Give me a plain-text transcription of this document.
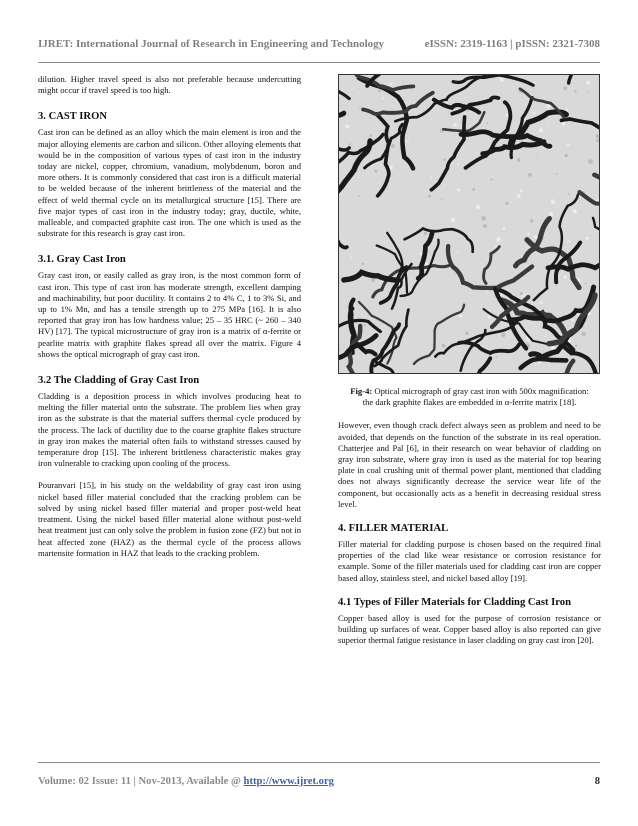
IJRET: International Journal of Research in Engineering and Technology	eISSN: 2319-1163 | pISSN: 2321-7308

dilution. Higher travel speed is also not preferable because undercutting might occur if travel speed is too high.

3. CAST IRON

Cast iron can be defined as an alloy which the main element is iron and the major alloying elements are carbon and silicon. Other alloying elements that would be in the composition of various types of cast iron in the industry today are nickel, copper, chromium, vanadium, molybdenum, boron and more others. It is commonly considered that cast iron is a difficult material to be welded because of the inherent brittleness of the material and the effect of weld thermal cycle on its metallurgical structure [15]. There are five major types of cast iron in the industry today; gray, ductile, white, malleable, and compacted graphite cast iron. The one which is used as the substrate for this research is gray cast iron.

3.1. Gray Cast Iron

Gray cast iron, or easily called as gray iron, is the most common form of cast iron. This type of cast iron has moderate strength, excellent damping and machinability, but poor ductility. It contains 2 to 4% C, 1 to 3% Si, and up to 1% Mn, and has a tensile strength up to 275 MPa [16]. It is also reported that gray iron has low hardness value; 25 – 35 HRC (~ 260 – 340 HV) [17]. The typical microstructure of gray iron is a matrix of α-ferrite or pearlite matrix with graphite flakes spread all over the matrix. Figure 4 shows the optical micrograph of gray cast iron.

3.2 The Cladding of Gray Cast Iron

Cladding is a deposition process in which involves producing heat to melting the filler material onto the substrate. The problem lies when gray iron as the substrate is that the material suffers thermal cycle produced by the process. The lack of ductility due to the coarse graphite flakes structure in gray iron makes the material often fails to withstand stresses caused by temperature drop [15]. The inherent brittleness characteristic makes gray iron vulnerable to cracking upon cooling of the process.

Pouranvari [15], in his study on the weldability of gray cast iron using nickel based filler material concluded that the cracking problem can be solved by using nickel based filler material and proper post-weld heat treatment. Using the nickel based filler material alone without post-weld heat treatment just can only solve the problem in fusion zone (FZ) but not in heat affected zone (HAZ) as the thermal cycle of the process allows martensite formation in HAZ that leads to the cracking problem.

Fig-4: Optical micrograph of gray cast iron with 500x magnification: the dark graphite flakes are embedded in α-ferrite matrix [18].

However, even though crack defect always seen as problem and need to be avoided, that depends on the function of the substrate in its real operation. Chatterjee and Pal [6], in their research on wear behavior of cladding on gray iron substrate, where gray iron is used as the material for top bearing plate in coal crushing unit of thermal power plant, mentioned that cladding does not always significantly decrease the service wear life of the component, but occasionally acts as a benefit in decreasing residual stress level.

4. FILLER MATERIAL

Filler material for cladding purpose is chosen based on the required final properties of the clad like wear resistance or corrosion resistance for example. Some of the filler materials used for cladding cast iron are copper based alloy, stainless steel, and nickel based alloy [19].

4.1 Types of Filler Materials for Cladding Cast Iron

Copper based alloy is used for the purpose of corrosion resistance or building up surfaces of wear. Copper based alloy is also reported can give superior thermal fatigue resistance in laser cladding on gray cast iron [20].

Volume: 02 Issue: 11 | Nov-2013, Available @ http://www.ijret.org	8
